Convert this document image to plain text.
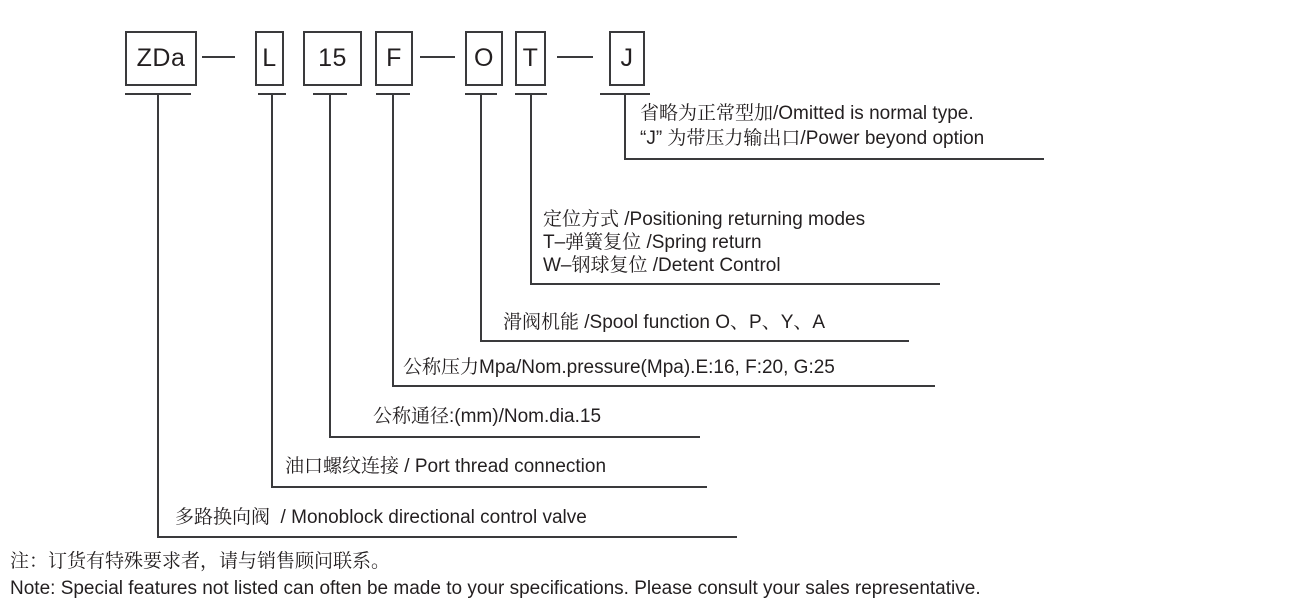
ZDa	L 15 F	O T	J
省略为正常型加/Omitted is normal type.
“J” 为带压力输出口/Power beyond option
定位方式 /Positioning returning modes
T–弹簧复位 /Spring return
W–钢球复位 /Detent Control
滑阀机能 /Spool function O、P、Y、A
公称压力Mpa/Nom.pressure(Mpa).E:16, F:20, G:25
公称通径:(mm)/Nom.dia.15
油口螺纹连接 / Port thread connection
多路换向阀  / Monoblock directional control valve
注：订货有特殊要求者，请与销售顾问联系。
Note: Special features not listed can often be made to your specifications. Please consult your sales representative.
